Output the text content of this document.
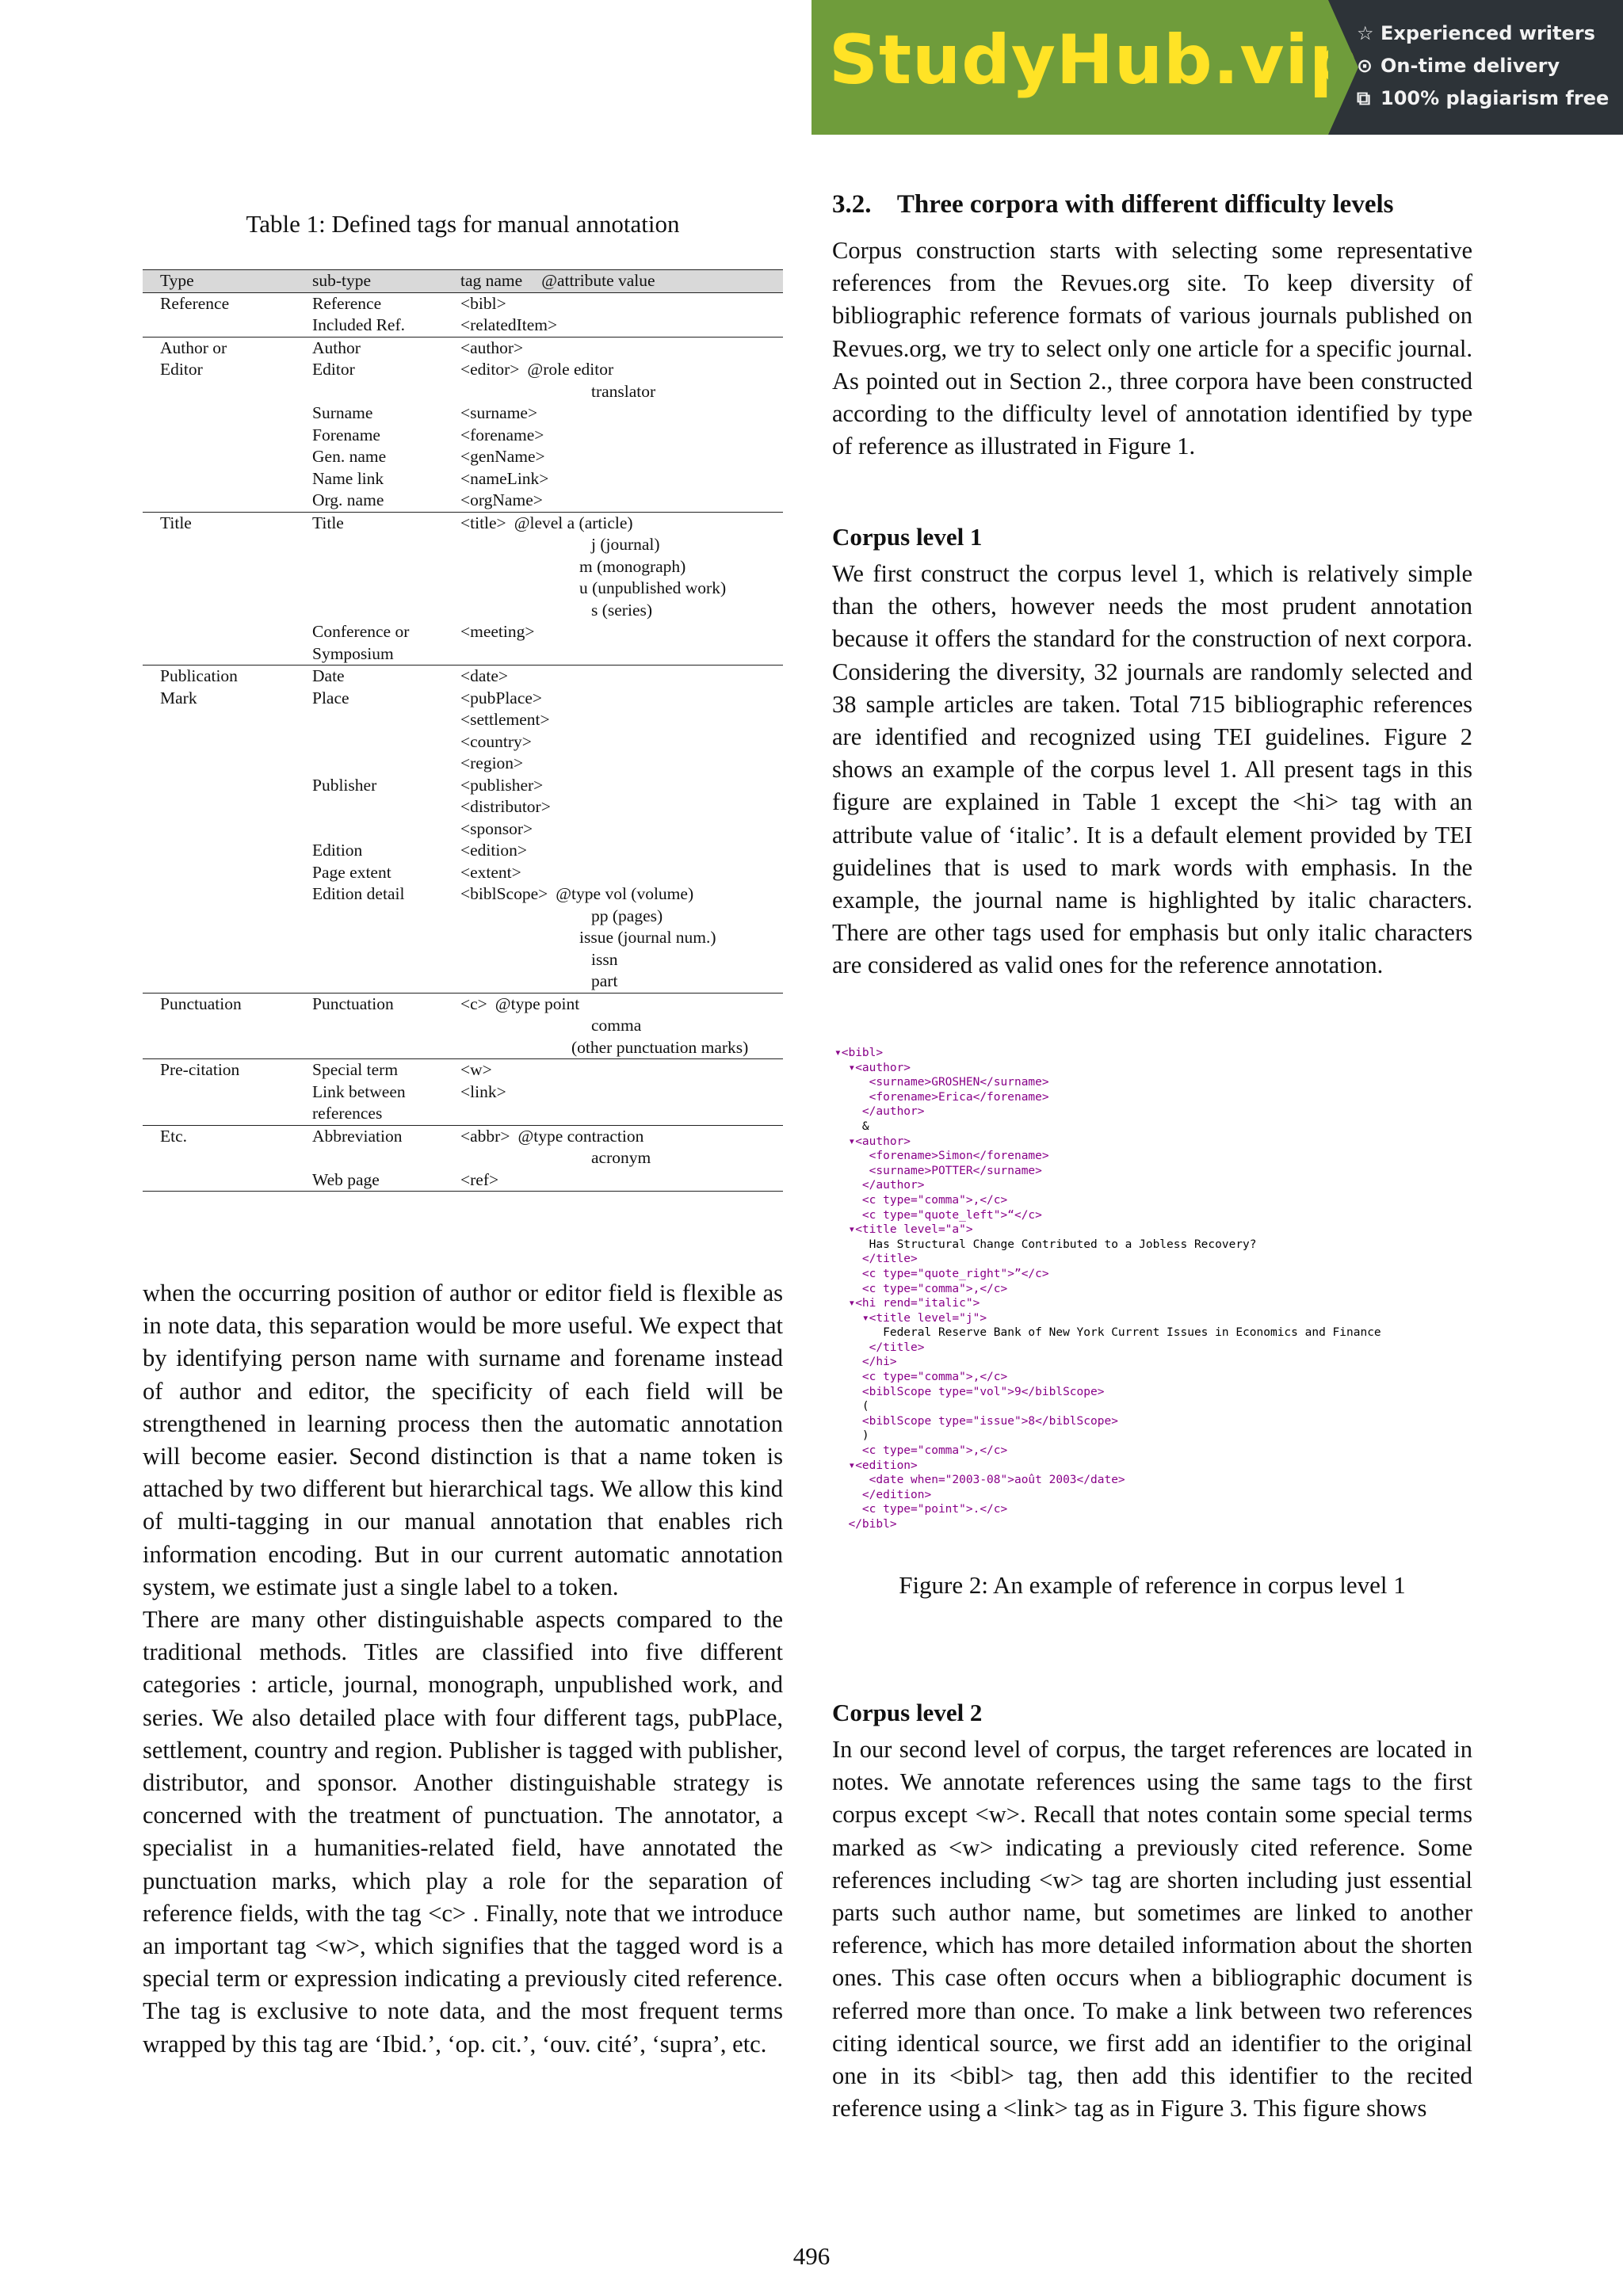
StudyHub.vip
☆ Experienced writers
⊙ On-time delivery
⧉ 100% plagiarism free
Table 1: Defined tags for manual annotation
Type	sub-type	tag name @attribute value
Reference	Reference	<bibl>
	Included Ref.	<relatedItem>
Author or	Author	<author>
Editor	Editor	<editor> @role editor
		translator
	Surname	<surname>
	Forename	<forename>
	Gen. name	<genName>
	Name link	<nameLink>
	Org. name	<orgName>
Title	Title	<title> @level a (article)
		j (journal)
		m (monograph)
		u (unpublished work)
		s (series)
	Conference or	<meeting>
	Symposium	
Publication	Date	<date>
Mark	Place	<pubPlace>
		<settlement>
		<country>
		<region>
	Publisher	<publisher>
		<distributor>
		<sponsor>
	Edition	<edition>
	Page extent	<extent>
	Edition detail	<biblScope> @type vol (volume)
		pp (pages)
		issue (journal num.)
		issn
		part
Punctuation	Punctuation	<c> @type point
		comma
		(other punctuation marks)
Pre-citation	Special term	<w>
	Link between	<link>
	references	
Etc.	Abbreviation	<abbr> @type contraction
		acronym
	Web page	<ref>

when the occurring position of author or editor field is flexible as in note data, this separation would be more useful. We expect that by identifying person name with surname and forename instead of author and editor, the specificity of each field will be strengthened in learning process then the automatic annotation will become easier. Second distinction is that a name token is attached by two different but hierarchical tags. We allow this kind of multi-tagging in our manual annotation that enables rich information encoding. But in our current automatic annotation system, we estimate just a single label to a token.

There are many other distinguishable aspects compared to the traditional methods. Titles are classified into five different categories : article, journal, monograph, unpublished work, and series. We also detailed place with four different tags, pubPlace, settlement, country and region. Publisher is tagged with publisher, distributor, and sponsor. Another distinguishable strategy is concerned with the treatment of punctuation. The annotator, a specialist in a humanities-related field, have annotated the punctuation marks, which play a role for the separation of reference fields, with the tag <c> . Finally, note that we introduce an important tag <w>, which signifies that the tagged word is a special term or expression indicating a previously cited reference. The tag is exclusive to note data, and the most frequent terms wrapped by this tag are ‘Ibid.’, ‘op. cit.’, ‘ouv. cité’, ‘supra’, etc.

3.2.    Three corpora with different difficulty levels

Corpus construction starts with selecting some representative references from the Revues.org site. To keep diversity of bibliographic reference formats of various journals published on Revues.org, we try to select only one article for a specific journal. As pointed out in Section 2., three corpora have been constructed according to the difficulty level of annotation identified by type of reference as illustrated in Figure 1.

Corpus level 1

We first construct the corpus level 1, which is relatively simple than the others, however needs the most prudent annotation because it offers the standard for the construction of next corpora. Considering the diversity, 32 journals are randomly selected and 38 sample articles are taken. Total 715 bibliographic references are identified and recognized using TEI guidelines. Figure 2 shows an example of the corpus level 1. All present tags in this figure are explained in Table 1 except the <hi> tag with an attribute value of ‘italic’. It is a default element provided by TEI guidelines that is used to mark words with emphasis. In the example, the journal name is highlighted by italic characters. There are other tags used for emphasis but only italic characters are considered as valid ones for the reference annotation.

▾<bibl>
▾<author>
<surname>GROSHEN</surname>
<forename>Erica</forename>
</author>
&
▾<author>
<forename>Simon</forename>
<surname>POTTER</surname>
</author>
<c type="comma">,</c>
<c type="quote_left">“</c>
▾<title level="a">
Has Structural Change Contributed to a Jobless Recovery?
</title>
<c type="quote_right">”</c>
<c type="comma">,</c>
▾<hi rend="italic">
▾<title level="j">
Federal Reserve Bank of New York Current Issues in Economics and Finance
</title>
</hi>
<c type="comma">,</c>
<biblScope type="vol">9</biblScope>
(
<biblScope type="issue">8</biblScope>
)
<c type="comma">,</c>
▾<edition>
<date when="2003-08">août 2003</date>
</edition>
<c type="point">.</c>
</bibl>
Figure 2: An example of reference in corpus level 1
Corpus level 2

In our second level of corpus, the target references are located in notes. We annotate references using the same tags to the first corpus except <w>. Recall that notes contain some special terms marked as <w> indicating a previously cited reference. Some references including <w> tag are shorten including just essential parts such author name, but sometimes are linked to another reference, which has more detailed information about the shorten ones. This case often occurs when a bibliographic document is referred more than once. To make a link between two references citing identical source, we first add an identifier to the original one in its <bibl> tag, then add this identifier to the recited reference using a <link> tag as in Figure 3. This figure shows

496
